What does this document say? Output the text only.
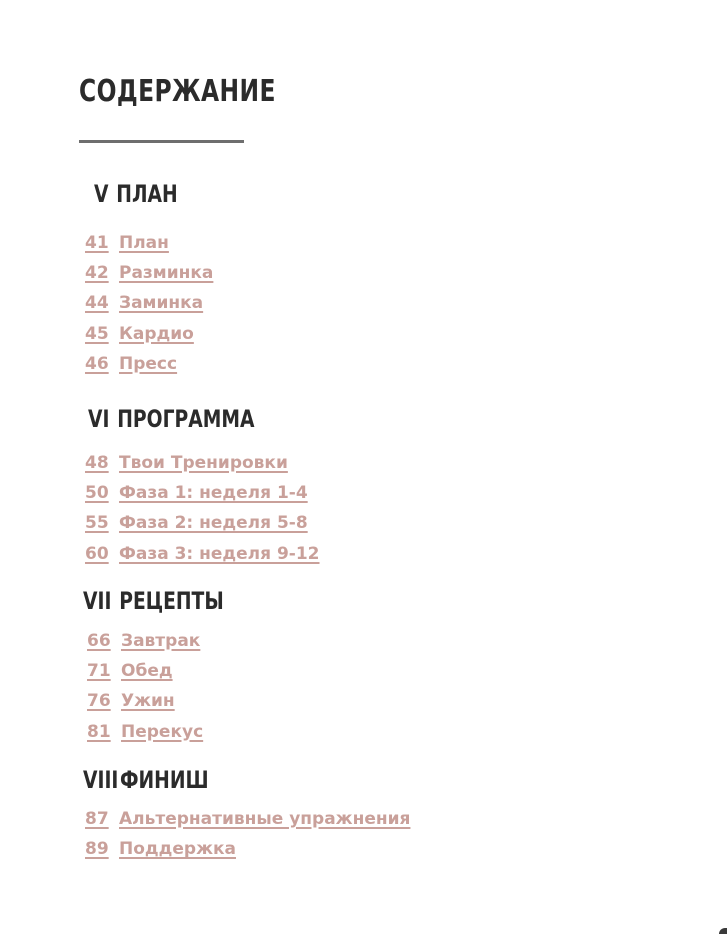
СОДЕРЖАНИЕ
V ПЛАН
41 План
42 Разминка
44 Заминка
45 Кардио
46 Пресс
VI ПРОГРАММА
48 Твои Тренировки
50 Фаза 1: неделя 1-4
55 Фаза 2: неделя 5-8
60 Фаза 3: неделя 9-12
VII РЕЦЕПТЫ
66 Завтрак
71 Обед
76 Ужин
81 Перекус
VIIIФИНИШ
87 Альтернативные упражнения
89 Поддержка
